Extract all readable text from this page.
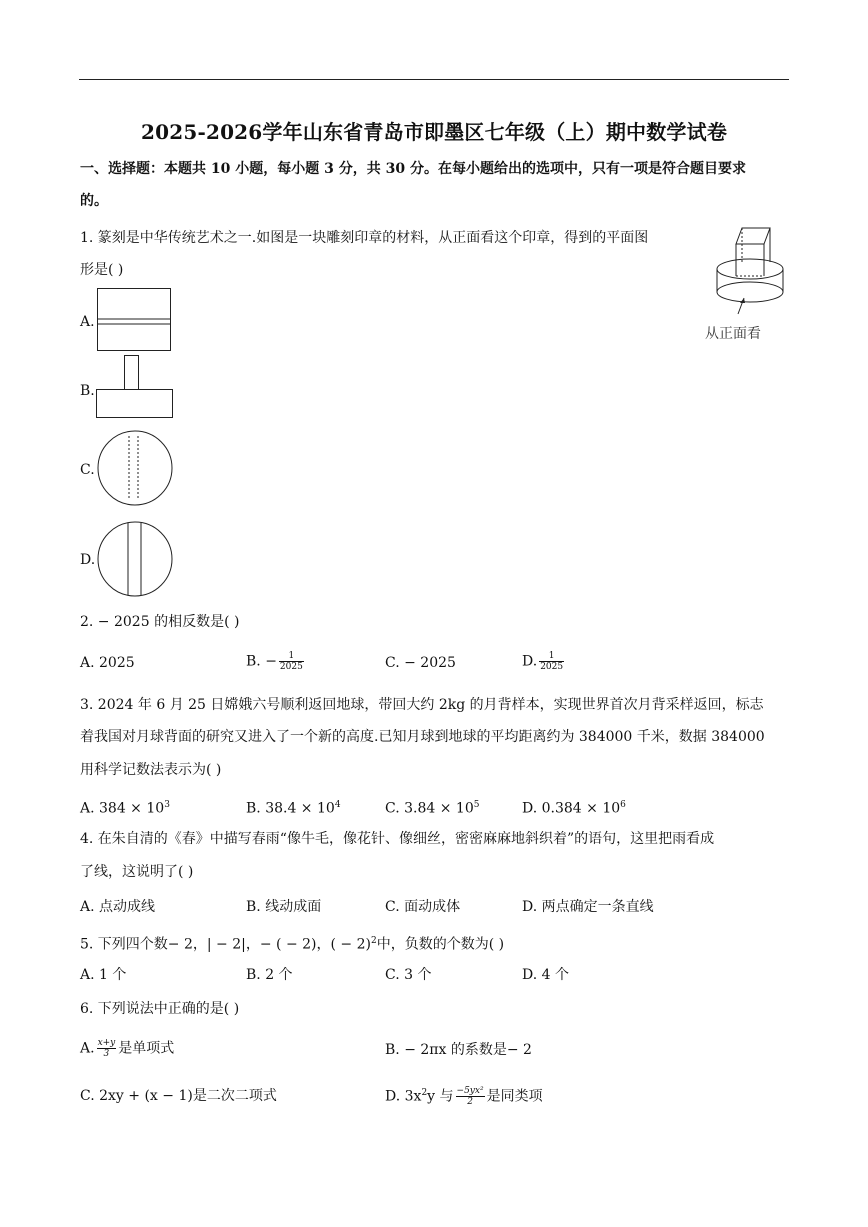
2025-2026学年山东省青岛市即墨区七年级（上）期中数学试卷
一、选择题：本题共 10 小题，每小题 3 分，共 30 分。在每小题给出的选项中，只有一项是符合题目要求
的。
1. 篆刻是中华传统艺术之一.如图是一块雕刻印章的材料，从正面看这个印章，得到的平面图
形是( )
从正面看
A.
B.
C.
D.
2. − 2025 的相反数是( )
A. 2025	B. − $\frac{1}{2025}$	C. − 2025	D. $\frac{1}{2025}$
3. 2024 年 6 月 25 日嫦娥六号顺利返回地球，带回大约 2kg 的月背样本，实现世界首次月背采样返回，标志
着我国对月球背面的研究又进入了一个新的高度.已知月球到地球的平均距离约为 384000 千米，数据 384000
用科学记数法表示为( )
A. $384 \times 10^3$	B. $38.4 \times 10^4$	C. $3.84 \times 10^5$	D. $0.384 \times 10^6$
4. 在朱自清的《春》中描写春雨“像牛毛，像花针、像细丝，密密麻麻地斜织着”的语句，这里把雨看成
了线，这说明了( )
A. 点动成线	B. 线动成面	C. 面动成体	D. 两点确定一条直线
5. 下列四个数− 2，| − 2|，− ( − 2)，( − 2)$^2$中，负数的个数为( )
A. 1 个	B. 2 个	C. 3 个	D. 4 个
6. 下列说法中正确的是( )
A. $\frac{x+y}{3}$ 是单项式	B. − 2πx 的系数是− 2
C. 2xy + (x − 1)是二次二项式	D. $3x^2y$ 与 $\frac{\text{−5yx²}}{2}$ 是同类项
